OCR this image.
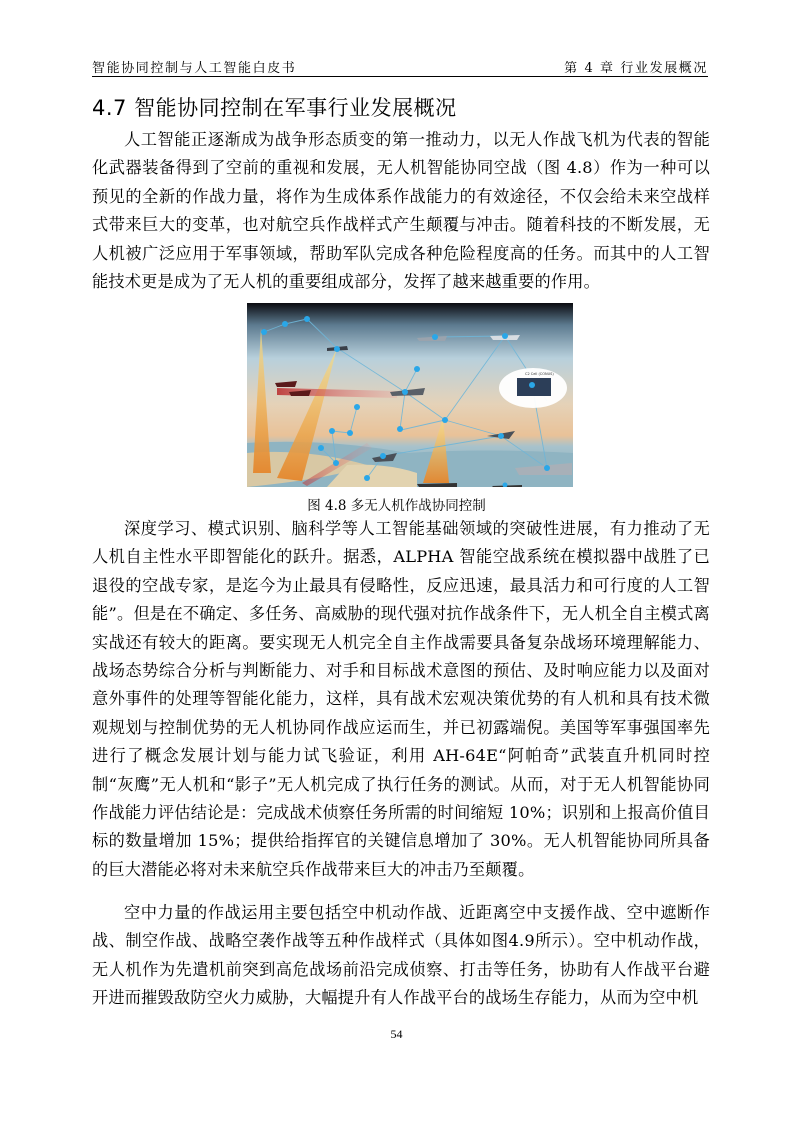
智能协同控制与人工智能白皮书	第 4 章 行业发展概况
4.7 智能协同控制在军事行业发展概况

人工智能正逐渐成为战争形态质变的第一推动力，以无人作战飞机为代表的智能化武器装备得到了空前的重视和发展，无人机智能协同空战（图 4.8）作为一种可以预见的全新的作战力量，将作为生成体系作战能力的有效途径，不仅会给未来空战样式带来巨大的变革，也对航空兵作战样式产生颠覆与冲击。随着科技的不断发展，无人机被广泛应用于军事领域，帮助军队完成各种危险程度高的任务。而其中的人工智能技术更是成为了无人机的重要组成部分，发挥了越来越重要的作用。

C2 Cell (CONUS)
图 4.8 多无人机作战协同控制

深度学习、模式识别、脑科学等人工智能基础领域的突破性进展，有力推动了无人机自主性水平即智能化的跃升。据悉，ALPHA 智能空战系统在模拟器中战胜了已退役的空战专家，是迄今为止最具有侵略性，反应迅速，最具活力和可行度的人工智能”。但是在不确定、多任务、高威胁的现代强对抗作战条件下，无人机全自主模式离实战还有较大的距离。要实现无人机完全自主作战需要具备复杂战场环境理解能力、战场态势综合分析与判断能力、对手和目标战术意图的预估、及时响应能力以及面对意外事件的处理等智能化能力，这样，具有战术宏观决策优势的有人机和具有技术微观规划与控制优势的无人机协同作战应运而生，并已初露端倪。美国等军事强国率先进行了概念发展计划与能力试飞验证，利用 AH-64E“阿帕奇”武装直升机同时控制“灰鹰”无人机和“影子”无人机完成了执行任务的测试。从而，对于无人机智能协同作战能力评估结论是：完成战术侦察任务所需的时间缩短 10%；识别和上报高价值目标的数量增加 15%；提供给指挥官的关键信息增加了 30%。无人机智能协同所具备的巨大潜能必将对未来航空兵作战带来巨大的冲击乃至颠覆。

空中力量的作战运用主要包括空中机动作战、近距离空中支援作战、空中遮断作战、制空作战、战略空袭作战等五种作战样式（具体如图4.9所示）。空中机动作战，无人机作为先遣机前突到高危战场前沿完成侦察、打击等任务，协助有人作战平台避开进而摧毁敌防空火力威胁，大幅提升有人作战平台的战场生存能力，从而为空中机

54
